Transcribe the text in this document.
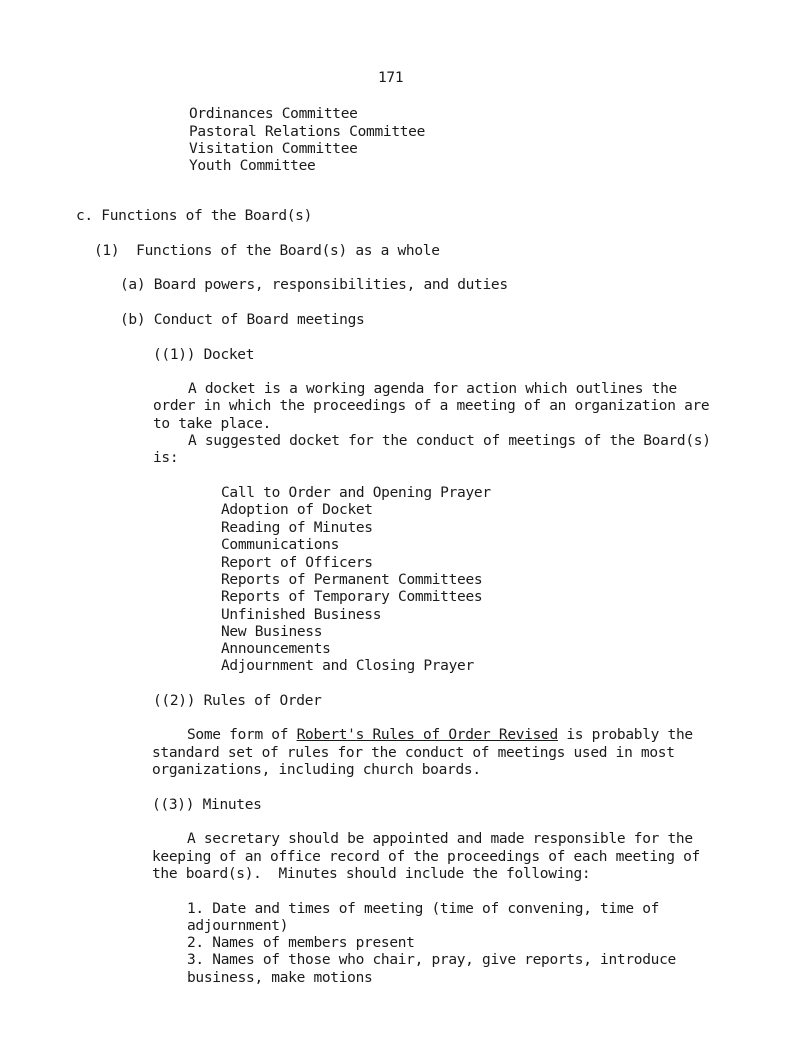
171
Ordinances Committee
Pastoral Relations Committee
Visitation Committee
Youth Committee
c. Functions of the Board(s)
(1)  Functions of the Board(s) as a whole
(a) Board powers, responsibilities, and duties
(b) Conduct of Board meetings
((1)) Docket
A docket is a working agenda for action which outlines the
order in which the proceedings of a meeting of an organization are
to take place.
A suggested docket for the conduct of meetings of the Board(s)
is:
Call to Order and Opening Prayer
Adoption of Docket
Reading of Minutes
Communications
Report of Officers
Reports of Permanent Committees
Reports of Temporary Committees
Unfinished Business
New Business
Announcements
Adjournment and Closing Prayer
((2)) Rules of Order
Some form of Robert's Rules of Order Revised is probably the
standard set of rules for the conduct of meetings used in most
organizations, including church boards.
((3)) Minutes
A secretary should be appointed and made responsible for the
keeping of an office record of the proceedings of each meeting of
the board(s).  Minutes should include the following:
1. Date and times of meeting (time of convening, time of
adjournment)
2. Names of members present
3. Names of those who chair, pray, give reports, introduce
business, make motions
